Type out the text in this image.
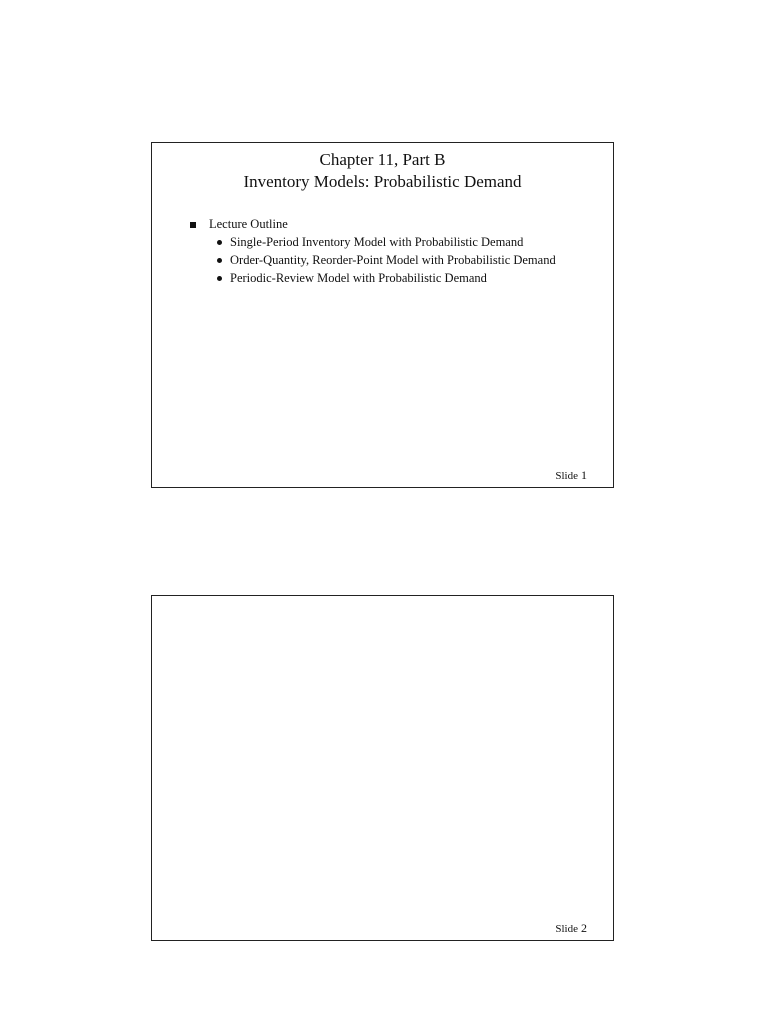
Chapter 11, Part B
Inventory Models: Probabilistic Demand
Lecture Outline
Single-Period Inventory Model with Probabilistic Demand
Order-Quantity, Reorder-Point Model with Probabilistic Demand
Periodic-Review Model with Probabilistic Demand
Slide 1
Slide 2
